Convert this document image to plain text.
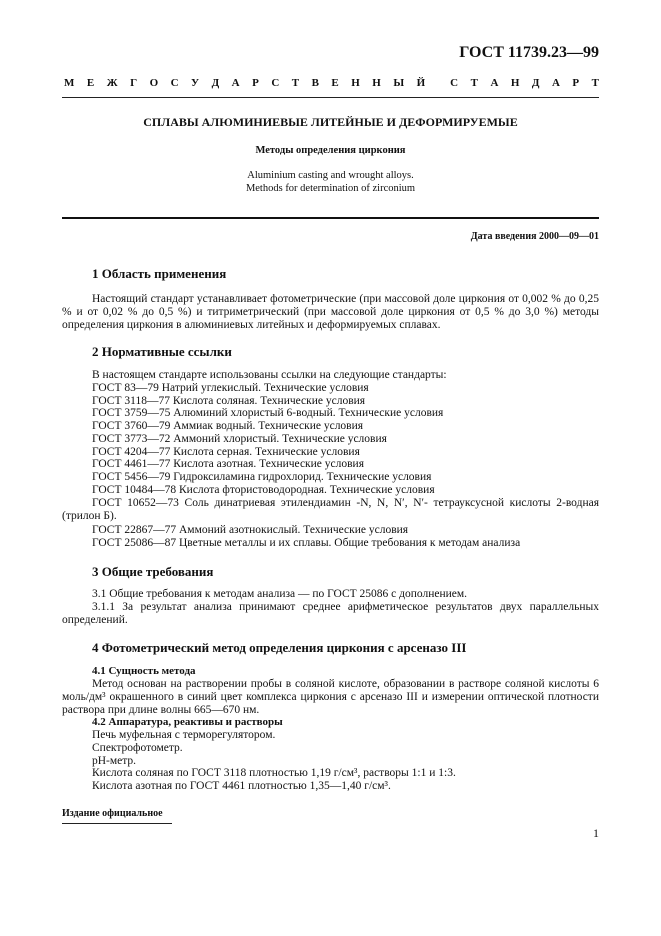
ГОСТ 11739.23—99
М Е Ж Г О С У Д А Р С Т В Е Н Н Ы Й С Т А Н Д А Р Т
СПЛАВЫ АЛЮМИНИЕВЫЕ ЛИТЕЙНЫЕ И ДЕФОРМИРУЕМЫЕ
Методы определения циркония
Aluminium casting and wrought alloys.
Methods for determination of zirconium
Дата введения 2000—09—01
1 Область применения
Настоящий стандарт устанавливает фотометрические (при массовой доле циркония от 0,002 % до 0,25 % и от 0,02 % до 0,5 %) и титриметрический (при массовой доле циркония от 0,5 % до 3,0 %) методы определения циркония в алюминиевых литейных и деформируемых сплавах.
2 Нормативные ссылки
В настоящем стандарте использованы ссылки на следующие стандарты:
ГОСТ 83—79 Натрий углекислый. Технические условия
ГОСТ 3118—77 Кислота соляная. Технические условия
ГОСТ 3759—75 Алюминий хлористый 6-водный. Технические условия
ГОСТ 3760—79 Аммиак водный. Технические условия
ГОСТ 3773—72 Аммоний хлористый. Технические условия
ГОСТ 4204—77 Кислота серная. Технические условия
ГОСТ 4461—77 Кислота азотная. Технические условия
ГОСТ 5456—79 Гидроксиламина гидрохлорид. Технические условия
ГОСТ 10484—78 Кислота фтористоводородная. Технические условия
ГОСТ 10652—73 Соль динатриевая этилендиамин -N, N, N′, N′- тетрауксусной кислоты 2-водная (трилон Б).
ГОСТ 22867—77 Аммоний азотнокислый. Технические условия
ГОСТ 25086—87 Цветные металлы и их сплавы. Общие требования к методам анализа
3 Общие требования
3.1 Общие требования к методам анализа — по ГОСТ 25086 с дополнением.
3.1.1 За результат анализа принимают среднее арифметическое результатов двух параллельных определений.
4 Фотометрический метод определения циркония с арсеназо III
4.1 Сущность метода
Метод основан на растворении пробы в соляной кислоте, образовании в растворе соляной кислоты 6 моль/дм³ окрашенного в синий цвет комплекса циркония с арсеназо III и измерении оптической плотности раствора при длине волны 665—670 нм.
4.2 Аппаратура, реактивы и растворы
Печь муфельная с терморегулятором.
Спектрофотометр.
pH-метр.
Кислота соляная по ГОСТ 3118 плотностью 1,19 г/см³, растворы 1:1 и 1:3.
Кислота азотная по ГОСТ 4461 плотностью 1,35—1,40 г/см³.
Издание официальное
1
